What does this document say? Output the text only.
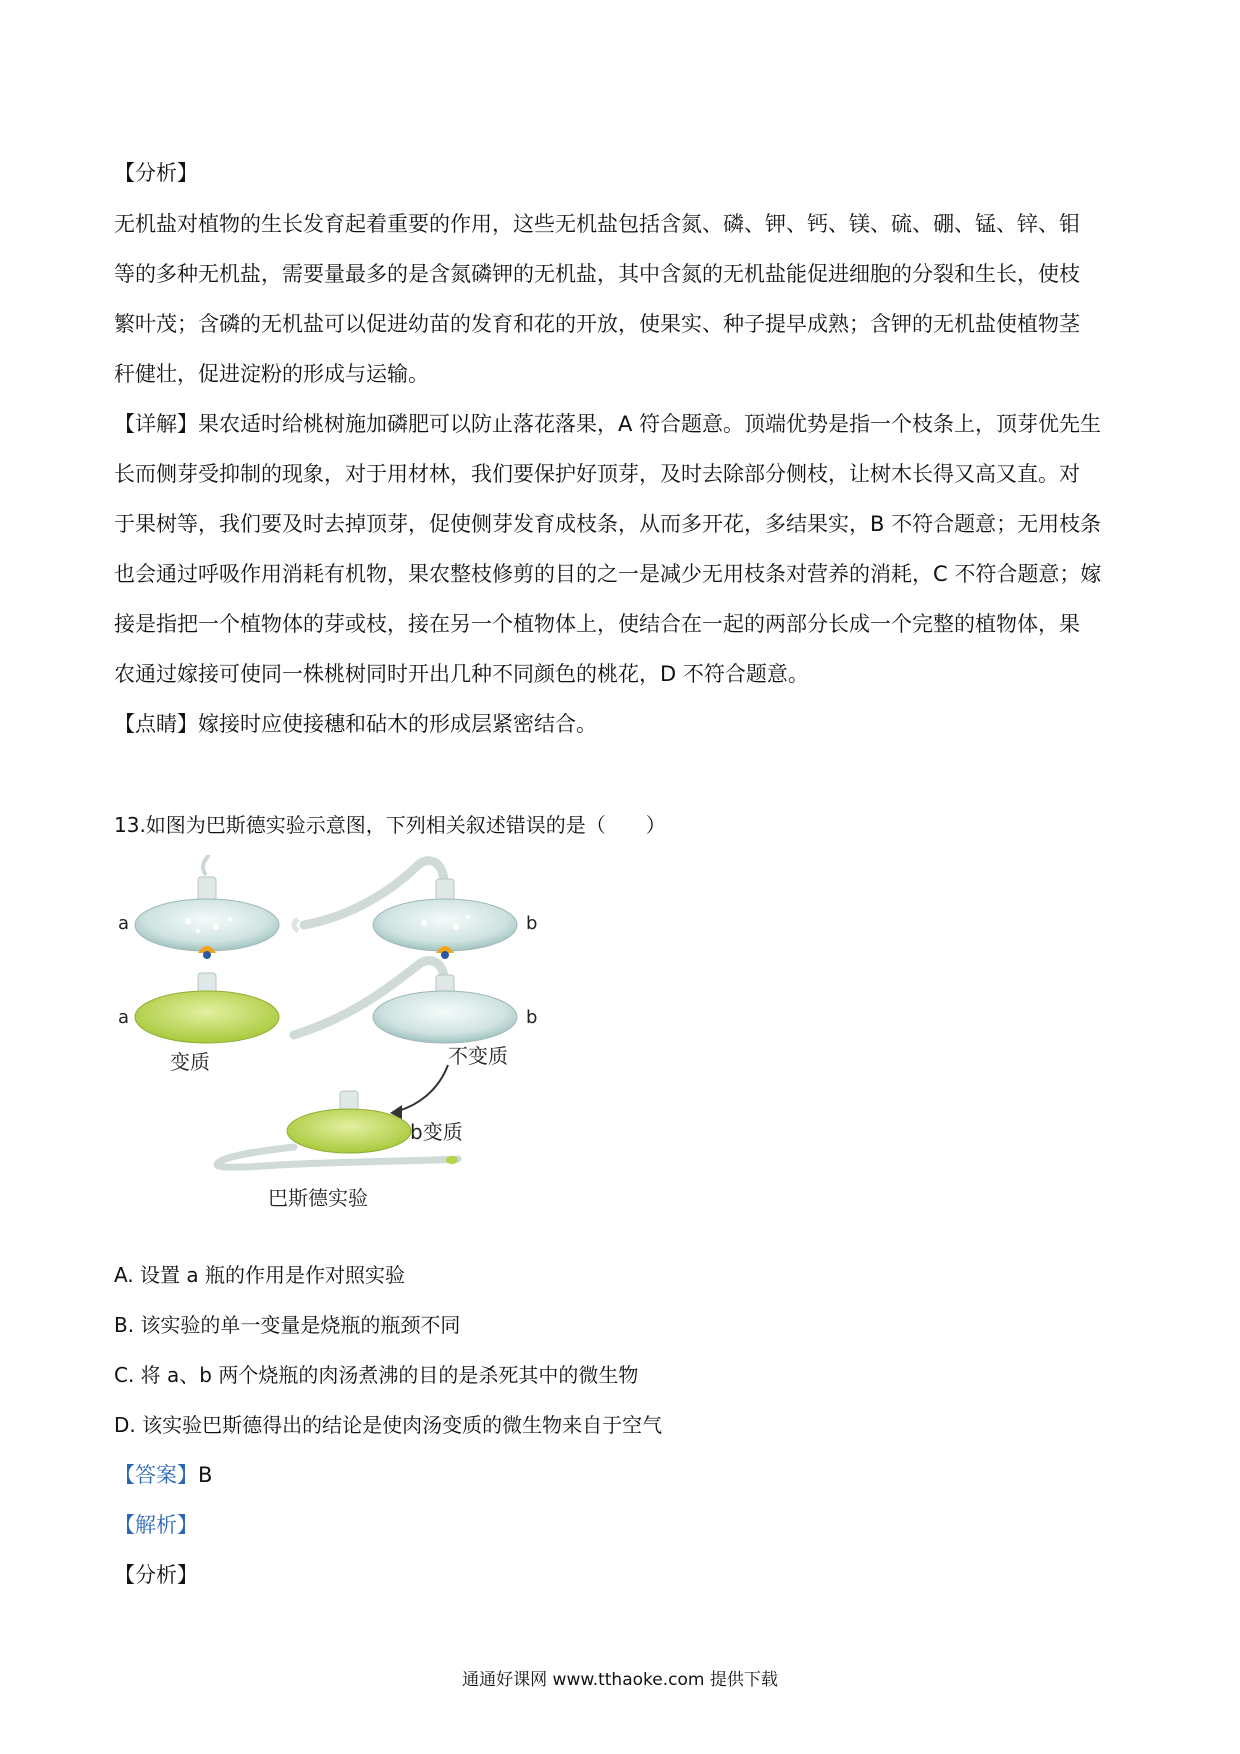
【分析】
无机盐对植物的生长发育起着重要的作用，这些无机盐包括含氮、磷、钾、钙、镁、硫、硼、锰、锌、钼
等的多种无机盐，需要量最多的是含氮磷钾的无机盐，其中含氮的无机盐能促进细胞的分裂和生长，使枝
繁叶茂；含磷的无机盐可以促进幼苗的发育和花的开放，使果实、种子提早成熟；含钾的无机盐使植物茎
秆健壮，促进淀粉的形成与运输。
【详解】果农适时给桃树施加磷肥可以防止落花落果，A 符合题意。顶端优势是指一个枝条上，顶芽优先生
长而侧芽受抑制的现象，对于用材林，我们要保护好顶芽，及时去除部分侧枝，让树木长得又高又直。对
于果树等，我们要及时去掉顶芽，促使侧芽发育成枝条，从而多开花，多结果实，B 不符合题意；无用枝条
也会通过呼吸作用消耗有机物，果农整枝修剪的目的之一是减少无用枝条对营养的消耗，C 不符合题意；嫁
接是指把一个植物体的芽或枝，接在另一个植物体上，使结合在一起的两部分长成一个完整的植物体，果
农通过嫁接可使同一株桃树同时开出几种不同颜色的桃花，D 不符合题意。
【点睛】嫁接时应使接穗和砧木的形成层紧密结合。
13.如图为巴斯德实验示意图，下列相关叙述错误的是（　　）
a	b
a
变质
b
不变质
b变质
巴斯德实验
A. 设置 a 瓶的作用是作对照实验
B. 该实验的单一变量是烧瓶的瓶颈不同
C. 将 a、b 两个烧瓶的肉汤煮沸的目的是杀死其中的微生物
D. 该实验巴斯德得出的结论是使肉汤变质的微生物来自于空气
【答案】B
【解析】
【分析】
通通好课网 www.tthaoke.com 提供下载
